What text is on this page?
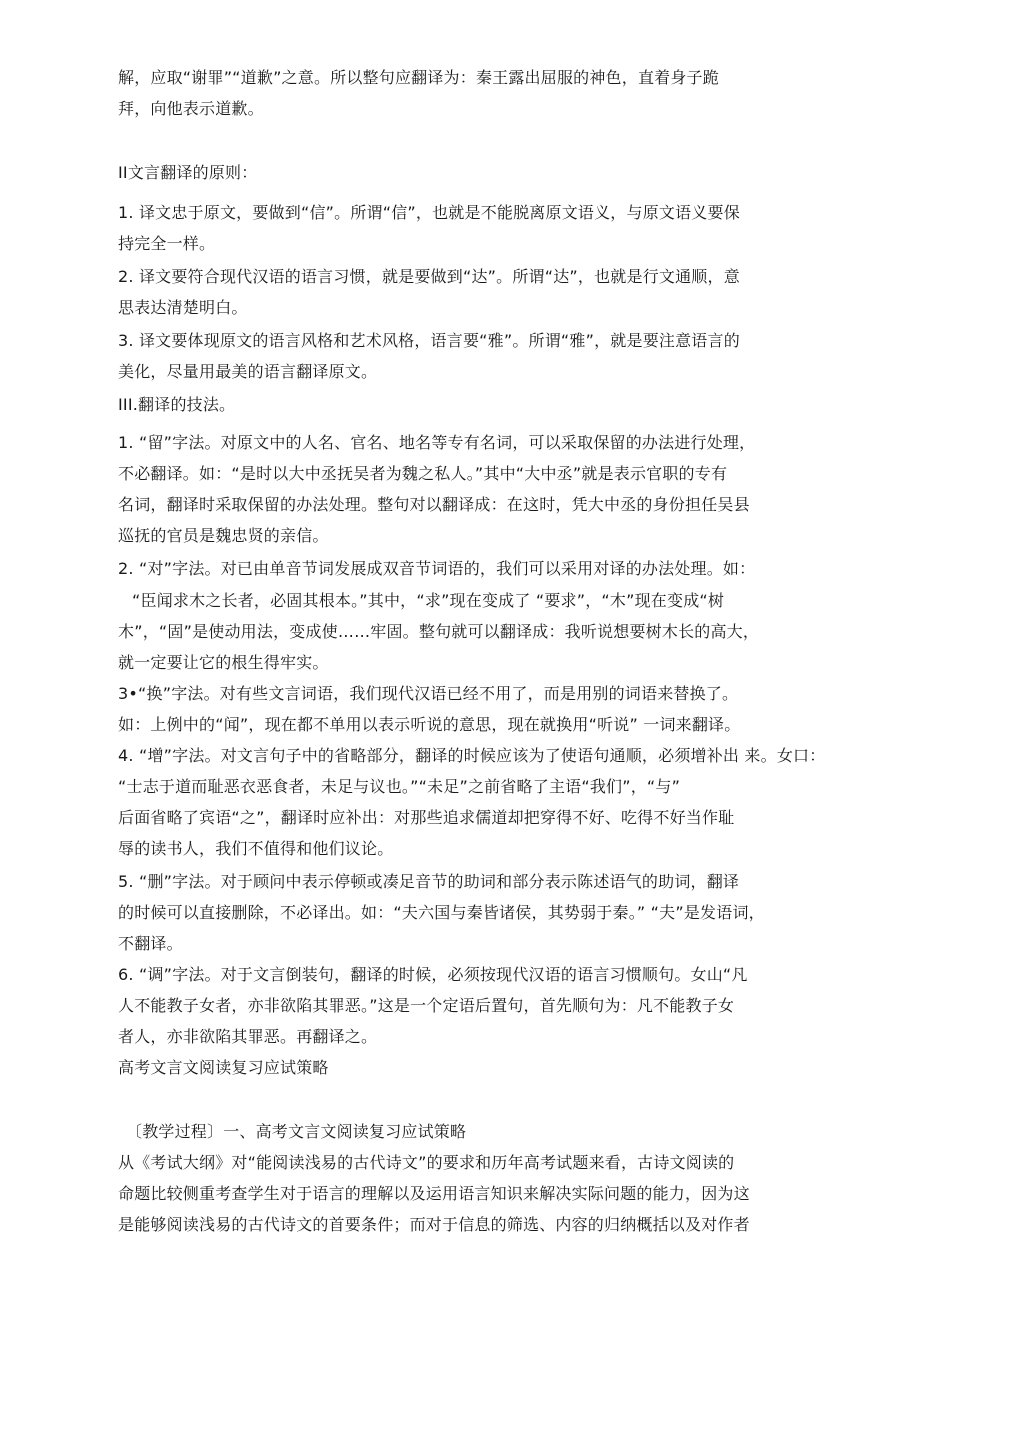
解，应取“谢罪”“道歉”之意。所以整句应翻译为：秦王露出屈服的神色，直着身子跪
拜，向他表示道歉。
II文言翻译的原则：
1. 译文忠于原文，要做到“信”。所谓“信”，也就是不能脱离原文语义，与原文语义要保
持完全一样。
2. 译文要符合现代汉语的语言习惯，就是要做到“达”。所谓“达”，也就是行文通顺，意
思表达清楚明白。
3. 译文要体现原文的语言风格和艺术风格，语言要“雅”。所谓“雅”，就是要注意语言的
美化，尽量用最美的语言翻译原文。
III.翻译的技法。
1. “留”字法。对原文中的人名、官名、地名等专有名词，可以采取保留的办法进行处理，
不必翻译。如：“是时以大中丞抚吴者为魏之私人。”其中“大中丞”就是表示官职的专有
名词，翻译时采取保留的办法处理。整句对以翻译成：在这时，凭大中丞的身份担任吴县
巡抚的官员是魏忠贤的亲信。
2. “对”字法。对已由单音节词发展成双音节词语的，我们可以采用对译的办法处理。如：
“臣闻求木之长者，必固其根本。”其中，“求”现在变成了 “要求”，“木”现在变成“树
木”，“固”是使动用法，变成使……牢固。整句就可以翻译成：我听说想要树木长的高大，
就一定要让它的根生得牢实。
3•“换”字法。对有些文言词语，我们现代汉语已经不用了，而是用别的词语来替换了。
如：上例中的“闻”，现在都不单用以表示听说的意思，现在就换用“听说” 一词来翻译。
4. “增”字法。对文言句子中的省略部分，翻译的时候应该为了使语句通顺，必须增补出 来。女口：
“士志于道而耻恶衣恶食者，未足与议也。”“未足”之前省略了主语“我们”，“与”
后面省略了宾语“之”，翻译时应补出：对那些追求儒道却把穿得不好、吃得不好当作耻
辱的读书人，我们不值得和他们议论。
5. “删”字法。对于顾问中表示停顿或凑足音节的助词和部分表示陈述语气的助词，翻译
的时候可以直接删除，不必译出。如：“夫六国与秦皆诸侯，其势弱于秦。” “夫”是发语词，
不翻译。
6. “调”字法。对于文言倒装句，翻译的时候，必须按现代汉语的语言习惯顺句。女山“凡
人不能教子女者，亦非欲陷其罪恶。”这是一个定语后置句，首先顺句为：凡不能教子女
者人，亦非欲陷其罪恶。再翻译之。
高考文言文阅读复习应试策略
〔教学过程〕一、高考文言文阅读复习应试策略
从《考试大纲》对“能阅读浅易的古代诗文”的要求和历年高考试题来看，古诗文阅读的
命题比较侧重考查学生对于语言的理解以及运用语言知识来解决实际问题的能力，因为这
是能够阅读浅易的古代诗文的首要条件；而对于信息的筛选、内容的归纳概括以及对作者
